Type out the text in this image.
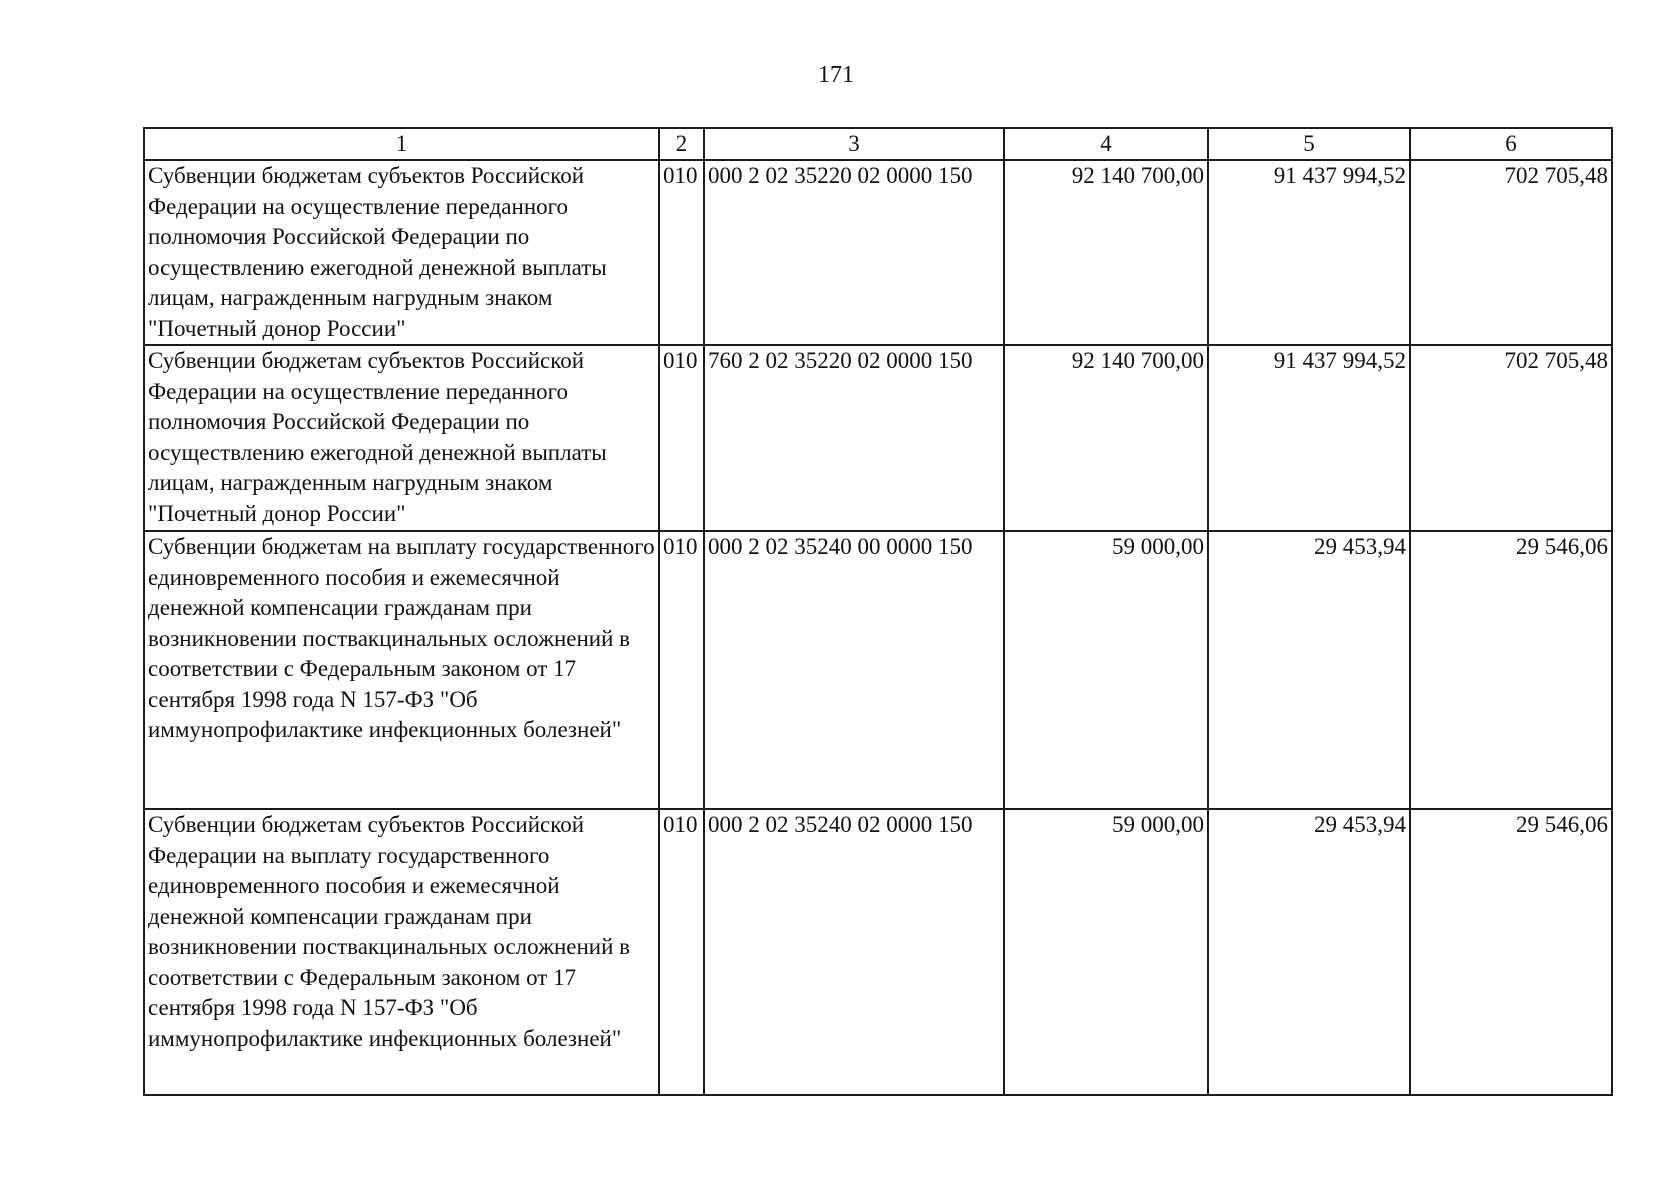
171
1	2	3	4	5	6
Субвенции бюджетам субъектов Российской Федерации на осуществление переданного полномочия Российской Федерации по осуществлению ежегодной денежной выплаты лицам, награжденным нагрудным знаком "Почетный донор России"	010	000 2 02 35220 02 0000 150	92 140 700,00	91 437 994,52	702 705,48
Субвенции бюджетам субъектов Российской Федерации на осуществление переданного полномочия Российской Федерации по осуществлению ежегодной денежной выплаты лицам, награжденным нагрудным знаком "Почетный донор России"	010	760 2 02 35220 02 0000 150	92 140 700,00	91 437 994,52	702 705,48
Субвенции бюджетам на выплату государственного единовременного пособия и ежемесячной денежной компенсации гражданам при возникновении поствакцинальных осложнений в соответствии с Федеральным законом от 17 сентября 1998 года N 157-ФЗ "Об иммунопрофилактике инфекционных болезней"	010	000 2 02 35240 00 0000 150	59 000,00	29 453,94	29 546,06
Субвенции бюджетам субъектов Российской Федерации на выплату государственного единовременного пособия и ежемесячной денежной компенсации гражданам при возникновении поствакцинальных осложнений в соответствии с Федеральным законом от 17 сентября 1998 года N 157-ФЗ "Об иммунопрофилактике инфекционных болезней"	010	000 2 02 35240 02 0000 150	59 000,00	29 453,94	29 546,06
